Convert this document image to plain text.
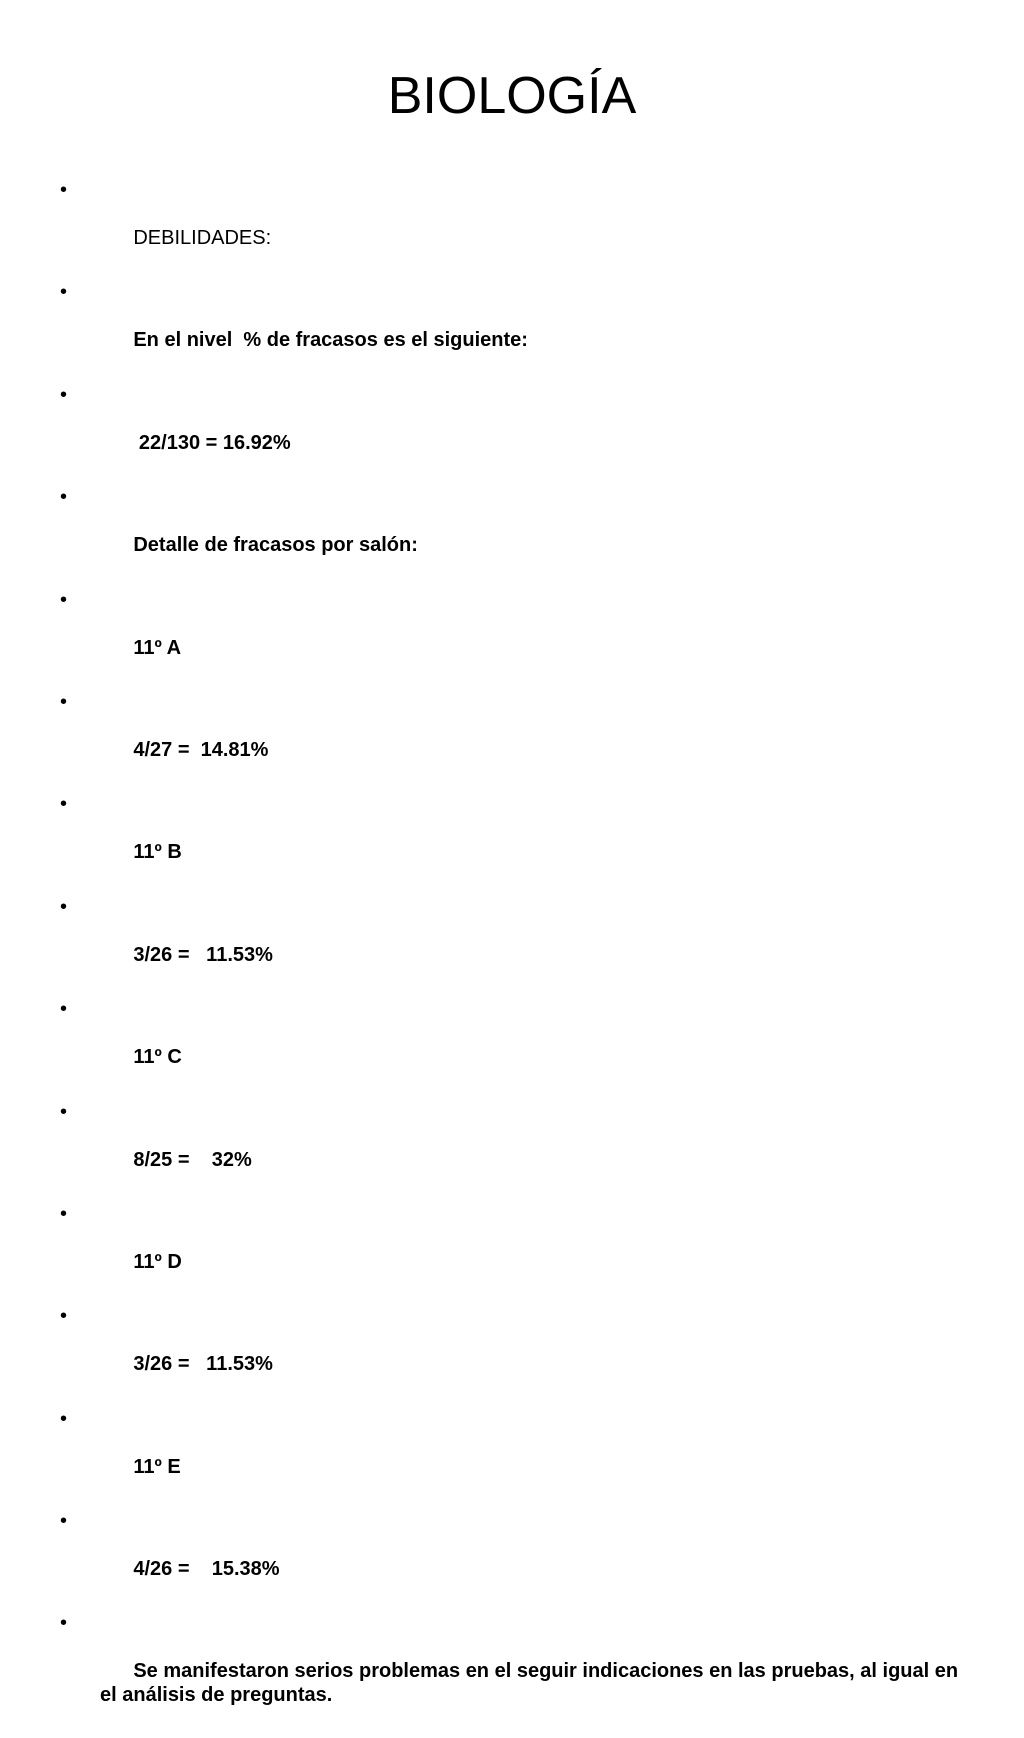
BIOLOGÍA

•

DEBILIDADES:

•

En el nivel  % de fracasos es el siguiente:

•

22/130 = 16.92%

•

Detalle de fracasos por salón:

•

11º A

•

4/27 =  14.81%

•

11º B

•

3/26 =   11.53%

•

11º C

•

8/25 =    32%

•

11º D

•

3/26 =   11.53%

•

11º E

•

4/26 =    15.38%

•

Se manifestaron serios problemas en el seguir indicaciones en las pruebas, al igual en el análisis de preguntas.
